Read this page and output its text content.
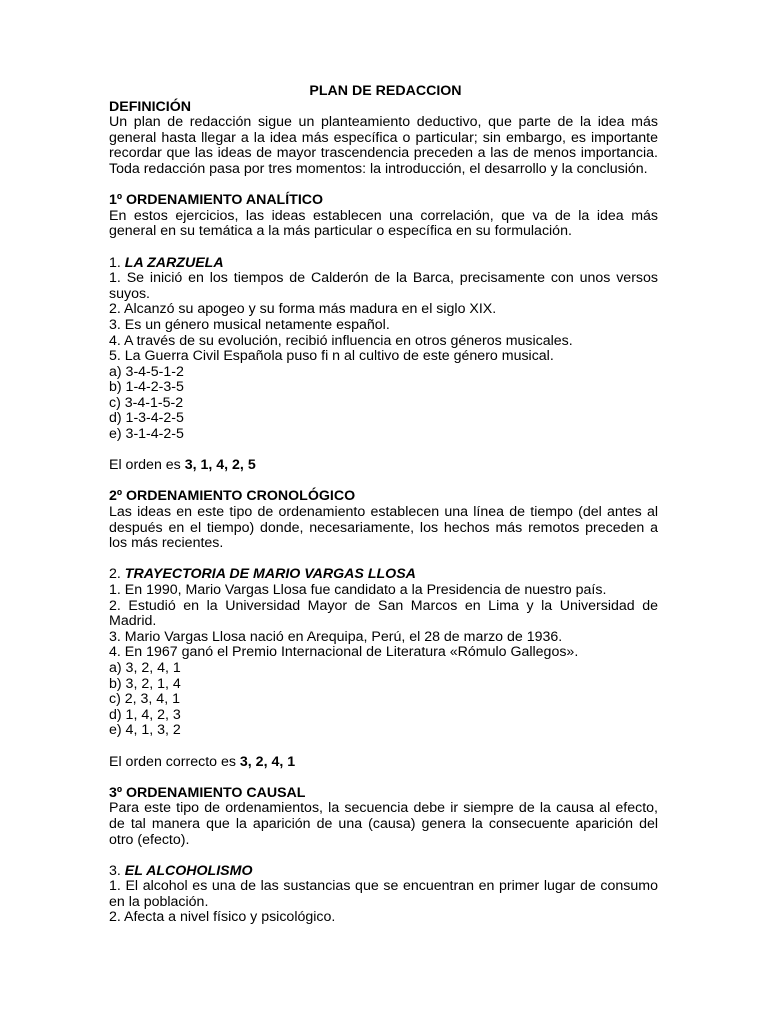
PLAN DE REDACCION

DEFINICIÓN

Un plan de redacción sigue un planteamiento deductivo, que parte de la idea más general hasta llegar a la idea más específica o particular; sin embargo, es importante recordar que las ideas de mayor trascendencia preceden a las de menos importancia. Toda redacción pasa por tres momentos: la introducción, el desarrollo y la conclusión.

1º ORDENAMIENTO ANALÍTICO

En estos ejercicios, las ideas establecen una correlación, que va de la idea más general en su temática a la más particular o específica en su formulación.

1. LA ZARZUELA

1. Se inició en los tiempos de Calderón de la Barca, precisamente con unos versos suyos.

2. Alcanzó su apogeo y su forma más madura en el siglo XIX.

3. Es un género musical netamente español.

4. A través de su evolución, recibió influencia en otros géneros musicales.

5. La Guerra Civil Española puso fi n al cultivo de este género musical.

a) 3-4-5-1-2
b) 1-4-2-3-5
c) 3-4-1-5-2
d) 1-3-4-2-5
e) 3-1-4-2-5

El orden es 3, 1, 4, 2, 5

2º ORDENAMIENTO CRONOLÓGICO

Las ideas en este tipo de ordenamiento establecen una línea de tiempo (del antes al después en el tiempo) donde, necesariamente, los hechos más remotos preceden a los más recientes.

2. TRAYECTORIA DE MARIO VARGAS LLOSA

1. En 1990, Mario Vargas Llosa fue candidato a la Presidencia de nuestro país.

2. Estudió en la Universidad Mayor de San Marcos en Lima y la Universidad de Madrid.

3. Mario Vargas Llosa nació en Arequipa, Perú, el 28 de marzo de 1936.

4. En 1967 ganó el Premio Internacional de Literatura «Rómulo Gallegos».

a) 3, 2, 4, 1
b) 3, 2, 1, 4
c) 2, 3, 4, 1
d) 1, 4, 2, 3
e) 4, 1, 3, 2

El orden correcto es 3, 2, 4, 1

3º ORDENAMIENTO CAUSAL

Para este tipo de ordenamientos, la secuencia debe ir siempre de la causa al efecto, de tal manera que la aparición de una (causa) genera la consecuente aparición del otro (efecto).

3. EL ALCOHOLISMO

1. El alcohol es una de las sustancias que se encuentran en primer lugar de consumo en la población.

2. Afecta a nivel físico y psicológico.
